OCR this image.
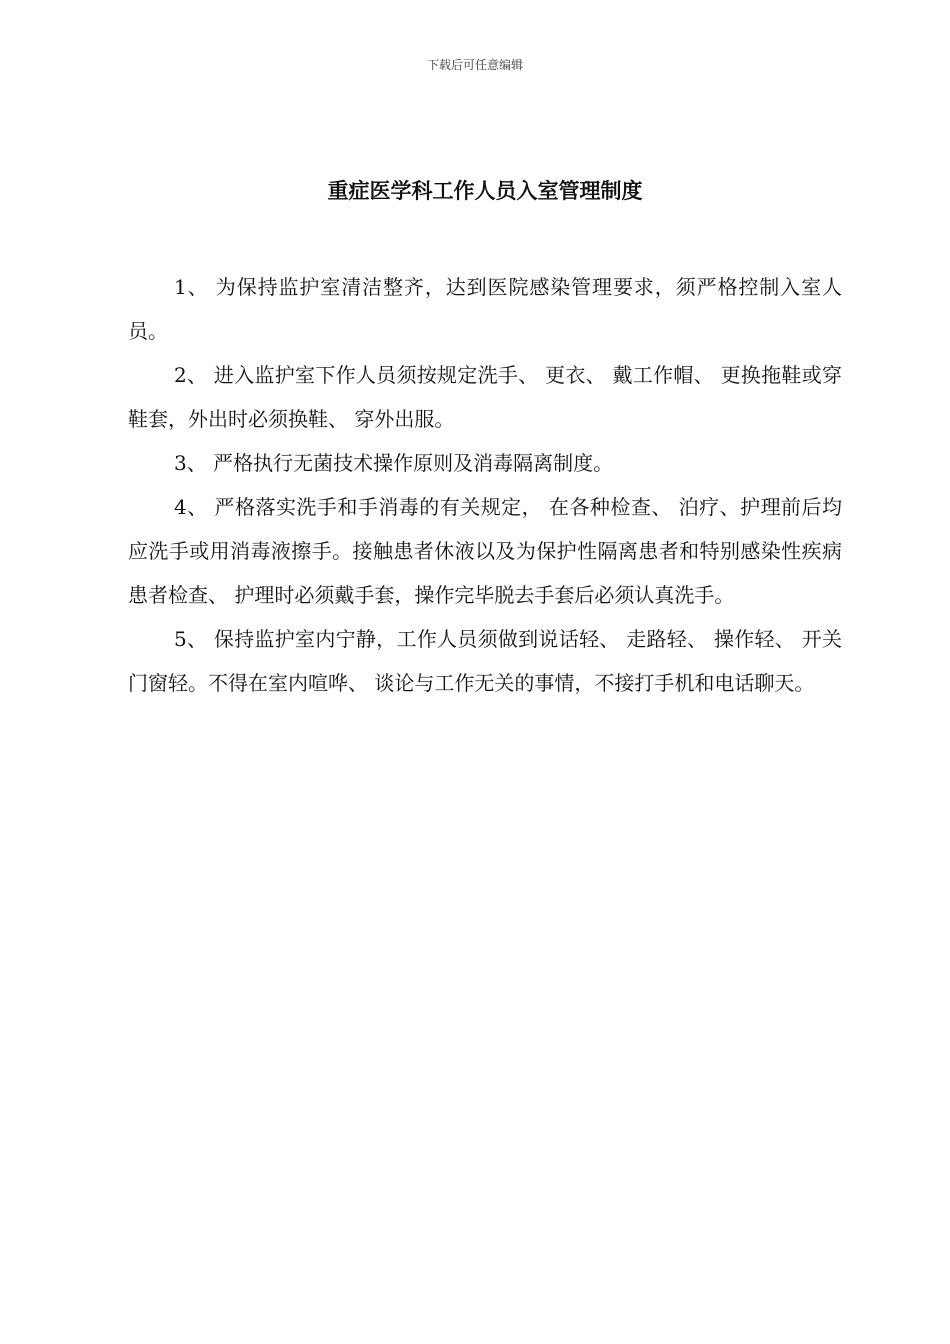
下载后可任意编辑
重症医学科工作人员入室管理制度

1、 为保持监护室清洁整齐，达到医院感染管理要求，须严格控制入室人员。

2、 进入监护室下作人员须按规定洗手、 更衣、 戴工作帽、 更换拖鞋或穿鞋套，外出时必须换鞋、 穿外出服。

3、 严格执行无菌技术操作原则及消毒隔离制度。

4、 严格落实洗手和手消毒的有关规定， 在各种检查、 泊疗、护理前后均应洗手或用消毒液擦手。接触患者休液以及为保护性隔离患者和特别感染性疾病患者检查、 护理时必须戴手套，操作完毕脱去手套后必须认真洗手。

5、 保持监护室内宁静，工作人员须做到说话轻、 走路轻、 操作轻、 开关门窗轻。不得在室内喧哗、 谈论与工作无关的事情，不接打手机和电话聊天。
